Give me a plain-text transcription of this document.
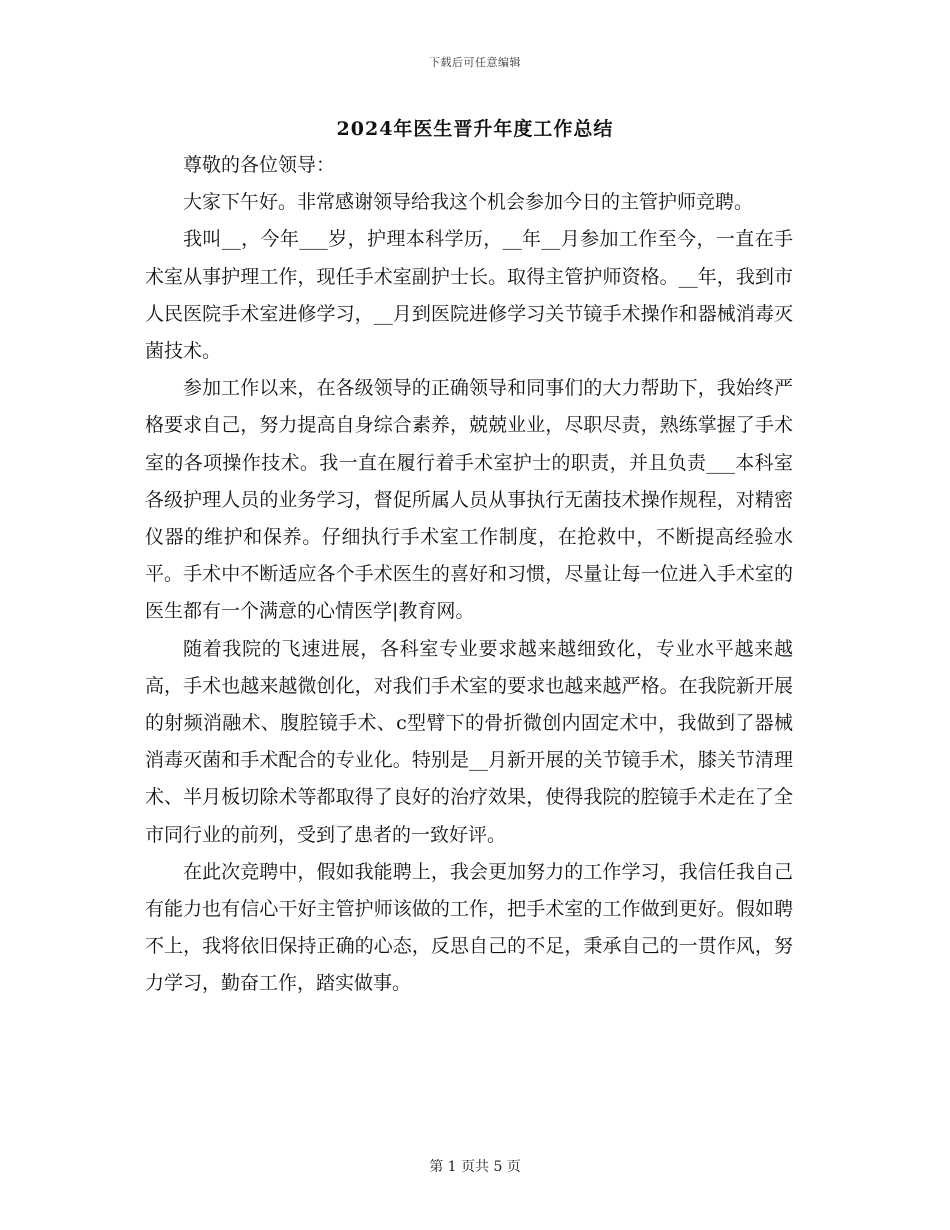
下载后可任意编辑
2024年医生晋升年度工作总结

尊敬的各位领导：

大家下午好。非常感谢领导给我这个机会参加今日的主管护师竞聘。

我叫__，今年___岁，护理本科学历，__年__月参加工作至今，一直在手术室从事护理工作，现任手术室副护士长。取得主管护师资格。__年，我到市人民医院手术室进修学习，__月到医院进修学习关节镜手术操作和器械消毒灭菌技术。

参加工作以来，在各级领导的正确领导和同事们的大力帮助下，我始终严格要求自己，努力提高自身综合素养，兢兢业业，尽职尽责，熟练掌握了手术室的各项操作技术。我一直在履行着手术室护士的职责，并且负责___本科室各级护理人员的业务学习，督促所属人员从事执行无菌技术操作规程，对精密仪器的维护和保养。仔细执行手术室工作制度，在抢救中，不断提高经验水平。手术中不断适应各个手术医生的喜好和习惯，尽量让每一位进入手术室的医生都有一个满意的心情医学|教育网。

随着我院的飞速进展，各科室专业要求越来越细致化，专业水平越来越高，手术也越来越微创化，对我们手术室的要求也越来越严格。在我院新开展的射频消融术、腹腔镜手术、c型臂下的骨折微创内固定术中，我做到了器械消毒灭菌和手术配合的专业化。特别是__月新开展的关节镜手术，膝关节清理术、半月板切除术等都取得了良好的治疗效果，使得我院的腔镜手术走在了全市同行业的前列，受到了患者的一致好评。

在此次竞聘中，假如我能聘上，我会更加努力的工作学习，我信任我自己有能力也有信心干好主管护师该做的工作，把手术室的工作做到更好。假如聘不上，我将依旧保持正确的心态，反思自己的不足，秉承自己的一贯作风，努力学习，勤奋工作，踏实做事。

第 1 页共 5 页
